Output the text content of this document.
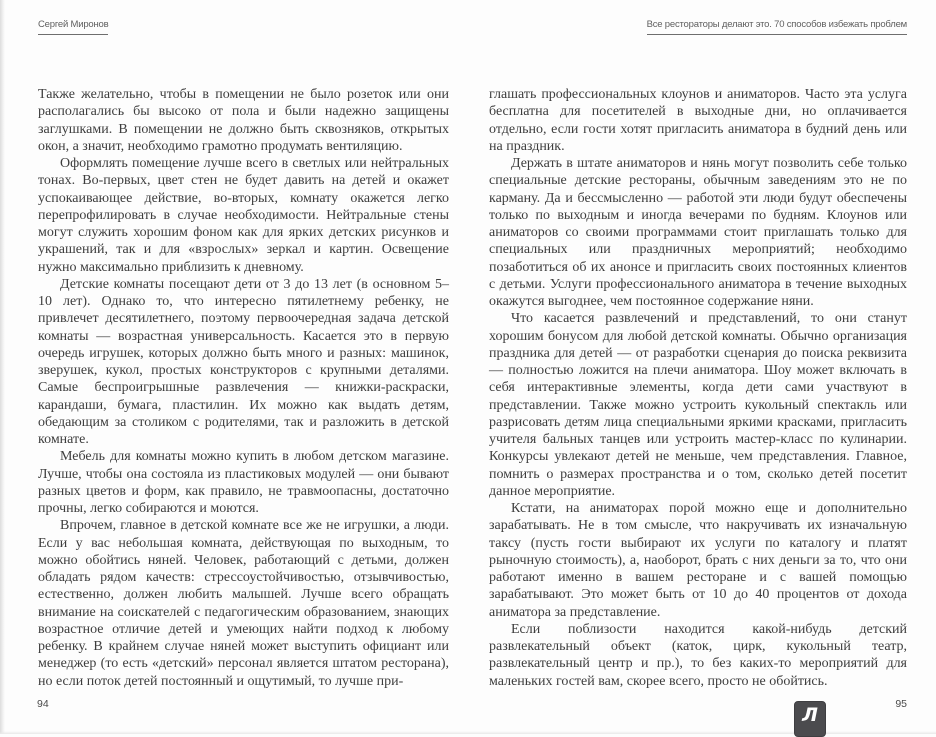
Сергей Миронов	Все рестораторы делают это. 70 способов избежать проблем

Также желательно, чтобы в помещении не было розеток или они располагались бы высоко от пола и были надежно защищены заглушками. В помещении не должно быть сквозняков, открытых окон, а значит, необходимо грамотно продумать вентиляцию.

Оформлять помещение лучше всего в светлых или нейтральных тонах. Во-первых, цвет стен не будет давить на детей и окажет успокаивающее действие, во-вторых, комнату окажется легко перепрофилировать в случае необходимости. Нейтральные стены могут служить хорошим фоном как для ярких детских рисунков и украшений, так и для «взрослых» зеркал и картин. Освещение нужно максимально приблизить к дневному.

Детские комнаты посещают дети от 3 до 13 лет (в основном 5–10 лет). Однако то, что интересно пятилетнему ребенку, не привлечет десятилетнего, поэтому первоочередная задача детской комнаты — возрастная универсальность. Касается это в первую очередь игрушек, которых должно быть много и разных: машинок, зверушек, кукол, простых конструкторов с крупными деталями. Самые беспроигрышные развлечения — книжки-раскраски, карандаши, бумага, пластилин. Их можно как выдать детям, обедающим за столиком с родителями, так и разложить в детской комнате.

Мебель для комнаты можно купить в любом детском магазине. Лучше, чтобы она состояла из пластиковых модулей — они бывают разных цветов и форм, как правило, не травмоопасны, достаточно прочны, легко собираются и моются.

Впрочем, главное в детской комнате все же не игрушки, а люди. Если у вас небольшая комната, действующая по выходным, то можно обойтись няней. Человек, работающий с детьми, должен обладать рядом качеств: стрессоустойчивостью, отзывчивостью, естественно, должен любить малышей. Лучше всего обращать внимание на соискателей с педагогическим образованием, знающих возрастное отличие детей и умеющих найти подход к любому ребенку. В крайнем случае няней может выступить официант или менеджер (то есть «детский» персонал является штатом ресторана), но если поток детей постоянный и ощутимый, то лучше при-

глашать профессиональных клоунов и аниматоров. Часто эта услуга бесплатна для посетителей в выходные дни, но оплачивается отдельно, если гости хотят пригласить аниматора в будний день или на праздник.

Держать в штате аниматоров и нянь могут позволить себе только специальные детские рестораны, обычным заведениям это не по карману. Да и бессмысленно — работой эти люди будут обеспечены только по выходным и иногда вечерами по будням. Клоунов или аниматоров со своими программами стоит приглашать только для специальных или праздничных мероприятий; необходимо позаботиться об их анонсе и пригласить своих постоянных клиентов с детьми. Услуги профессионального аниматора в течение выходных окажутся выгоднее, чем постоянное содержание няни.

Что касается развлечений и представлений, то они станут хорошим бонусом для любой детской комнаты. Обычно организация праздника для детей — от разработки сценария до поиска реквизита — полностью ложится на плечи аниматора. Шоу может включать в себя интерактивные элементы, когда дети сами участвуют в представлении. Также можно устроить кукольный спектакль или разрисовать детям лица специальными яркими красками, пригласить учителя бальных танцев или устроить мастер-класс по кулинарии. Конкурсы увлекают детей не меньше, чем представления. Главное, помнить о размерах пространства и о том, сколько детей посетит данное мероприятие.

Кстати, на аниматорах порой можно еще и дополнительно зарабатывать. Не в том смысле, что накручивать их изначальную таксу (пусть гости выбирают их услуги по каталогу и платят рыночную стоимость), а, наоборот, брать с них деньги за то, что они работают именно в вашем ресторане и с вашей помощью зарабатывают. Это может быть от 10 до 40 процентов от дохода аниматора за представление.

Если поблизости находится какой-нибудь детский развлекательный объект (каток, цирк, кукольный театр, развлекательный центр и пр.), то без каких-то мероприятий для маленьких гостей вам, скорее всего, просто не обойтись.

94	95
Л
